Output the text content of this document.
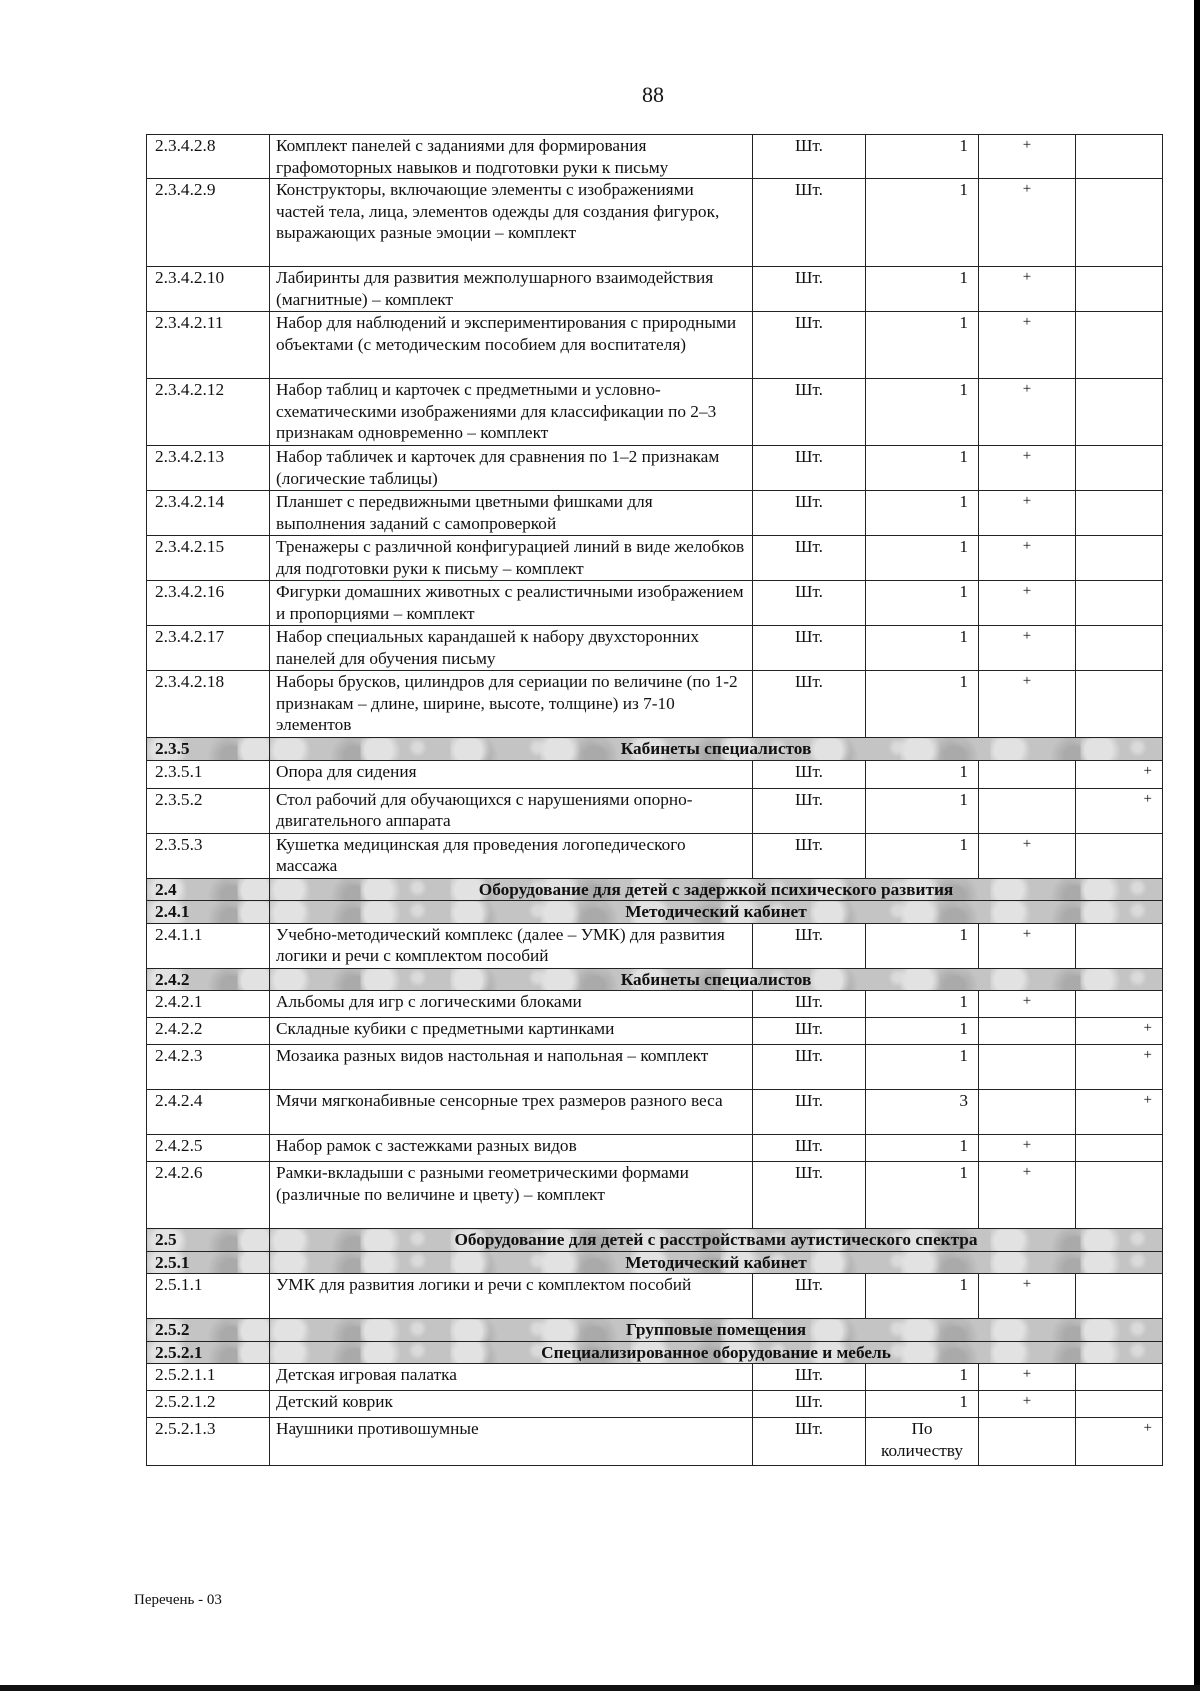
88
2.3.4.2.8	Комплект панелей с заданиями для формирования графомоторных навыков и подготовки руки к письму	Шт.	1	+	
2.3.4.2.9	Конструкторы, включающие элементы с изображениями частей тела, лица, элементов одежды для создания фигурок, выражающих разные эмоции – комплект	Шт.	1	+	
2.3.4.2.10	Лабиринты для развития межполушарного взаимодействия (магнитные) – комплект	Шт.	1	+	
2.3.4.2.11	Набор для наблюдений и экспериментирования с природными объектами (с методическим пособием для воспитателя)	Шт.	1	+	
2.3.4.2.12	Набор таблиц и карточек с предметными и условно-схематическими изображениями для классификации по 2–3 признакам одновременно – комплект	Шт.	1	+	
2.3.4.2.13	Набор табличек и карточек для сравнения по 1–2 признакам (логические таблицы)	Шт.	1	+	
2.3.4.2.14	Планшет с передвижными цветными фишками для выполнения заданий с самопроверкой	Шт.	1	+	
2.3.4.2.15	Тренажеры с различной конфигурацией линий в виде желобков для подготовки руки к письму – комплект	Шт.	1	+	
2.3.4.2.16	Фигурки домашних животных с реалистичными изображением и пропорциями – комплект	Шт.	1	+	
2.3.4.2.17	Набор специальных карандашей к набору двухсторонних панелей для обучения письму	Шт.	1	+	
2.3.4.2.18	Наборы брусков, цилиндров для сериации по величине (по 1-2 признакам – длине, ширине, высоте, толщине) из 7-10 элементов	Шт.	1	+	
2.3.5	Кабинеты специалистов				
2.3.5.1	Опора для сидения	Шт.	1		+
2.3.5.2	Стол рабочий для обучающихся с нарушениями опорно-двигательного аппарата	Шт.	1		+
2.3.5.3	Кушетка медицинская для проведения логопедического массажа	Шт.	1	+	
2.4	Оборудование для детей с задержкой психического развития				
2.4.1	Методический кабинет				
2.4.1.1	Учебно-методический комплекс (далее – УМК) для развития логики и речи с комплектом пособий	Шт.	1	+	
2.4.2	Кабинеты специалистов				
2.4.2.1	Альбомы для игр с логическими блоками	Шт.	1	+	
2.4.2.2	Складные кубики с предметными картинками	Шт.	1		+
2.4.2.3	Мозаика разных видов настольная и напольная – комплект	Шт.	1		+
2.4.2.4	Мячи мягконабивные сенсорные трех размеров разного веса	Шт.	3		+
2.4.2.5	Набор рамок с застежками разных видов	Шт.	1	+	
2.4.2.6	Рамки-вкладыши с разными геометрическими формами (различные по величине и цвету) – комплект	Шт.	1	+	
2.5	Оборудование для детей с расстройствами аутистического спектра				
2.5.1	Методический кабинет				
2.5.1.1	УМК для развития логики и речи с комплектом пособий	Шт.	1	+	
2.5.2	Групповые помещения				
2.5.2.1	Специализированное оборудование и мебель				
2.5.2.1.1	Детская игровая палатка	Шт.	1	+	
2.5.2.1.2	Детский коврик	Шт.	1	+	
2.5.2.1.3	Наушники противошумные	Шт.	По количеству		+
Перечень - 03
